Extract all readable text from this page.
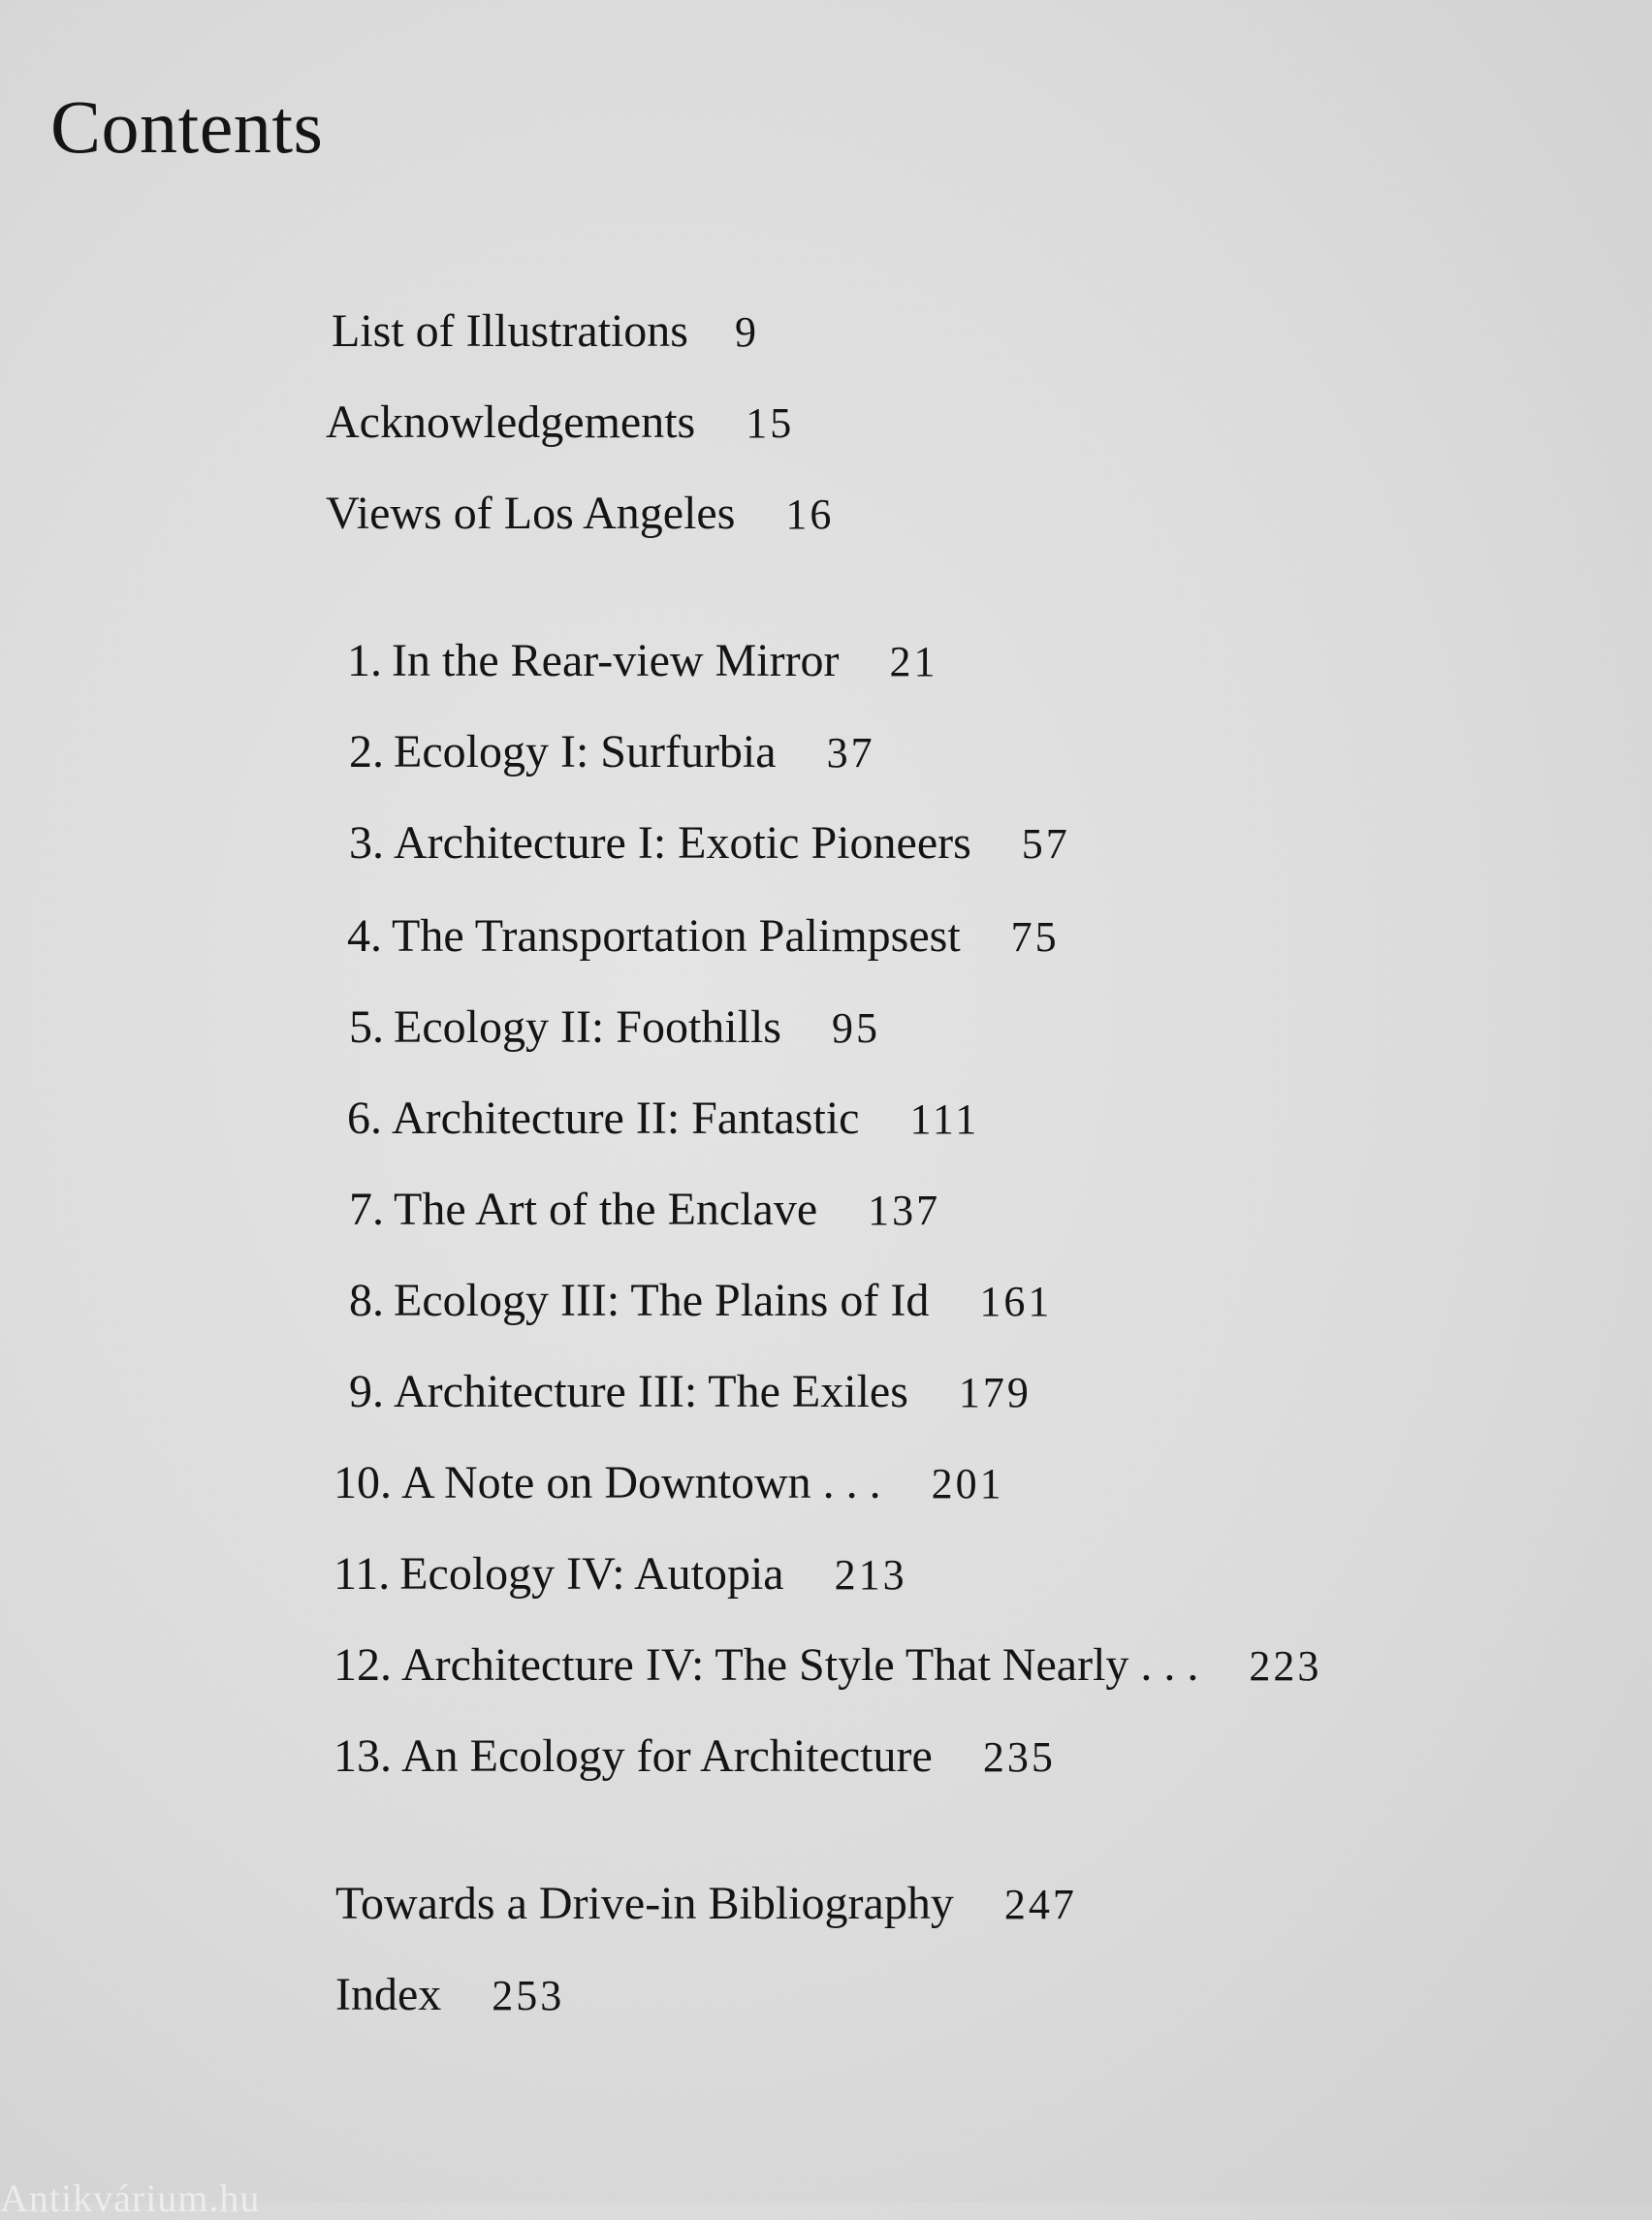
Contents
List of Illustrations 9
Acknowledgements 15
Views of Los Angeles 16
1. In the Rear-view Mirror 21
2. Ecology I: Surfurbia 37
3. Architecture I: Exotic Pioneers 57
4. The Transportation Palimpsest 75
5. Ecology II: Foothills 95
6. Architecture II: Fantastic 111
7. The Art of the Enclave 137
8. Ecology III: The Plains of Id 161
9. Architecture III: The Exiles 179
10. A Note on Downtown . . . 201
11. Ecology IV: Autopia 213
12. Architecture IV: The Style That Nearly . . . 223
13. An Ecology for Architecture 235
Towards a Drive-in Bibliography 247
Index 253
Antikvárium.hu
